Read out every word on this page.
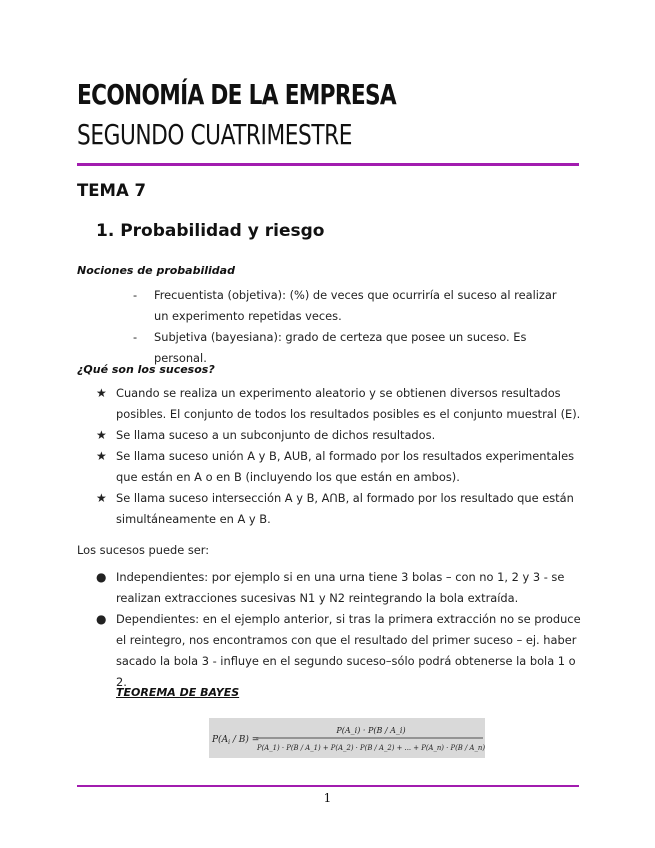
ECONOMÍA DE LA EMPRESA
SEGUNDO CUATRIMESTRE
TEMA 7
1. Probabilidad y riesgo
Nociones de probabilidad
- Frecuentista (objetiva): (%) de veces que ocurriría el suceso al realizar un experimento repetidas veces.
- Subjetiva (bayesiana): grado de certeza que posee un suceso. Es personal.
¿Qué son los sucesos?
★ Cuando se realiza un experimento aleatorio y se obtienen diversos resultados posibles. El conjunto de todos los resultados posibles es el conjunto muestral (E).
★ Se llama suceso a un subconjunto de dichos resultados.
★ Se llama suceso unión A y B, AUB, al formado por los resultados experimentales que están en A o en B (incluyendo los que están en ambos).
★ Se llama suceso intersección A y B, AՈB, al formado por los resultado que están simultáneamente en A y B.
Los sucesos puede ser:
● Independientes: por ejemplo si en una urna tiene 3 bolas – con no 1, 2 y 3 - se realizan extracciones sucesivas N1 y N2 reintegrando la bola extraída.
● Dependientes: en el ejemplo anterior, si tras la primera extracción no se produce el reintegro, nos encontramos con que el resultado del primer suceso – ej. haber sacado la bola 3 - influye en el segundo suceso–sólo podrá obtenerse la bola 1 o 2.
TEOREMA DE BAYES
$P(A_i / B)$ =
P(A_i) · P(B / A_i)
P(A_1) · P(B / A_1) + P(A_2) · P(B / A_2) + ... + P(A_n) · P(B / A_n)
1
